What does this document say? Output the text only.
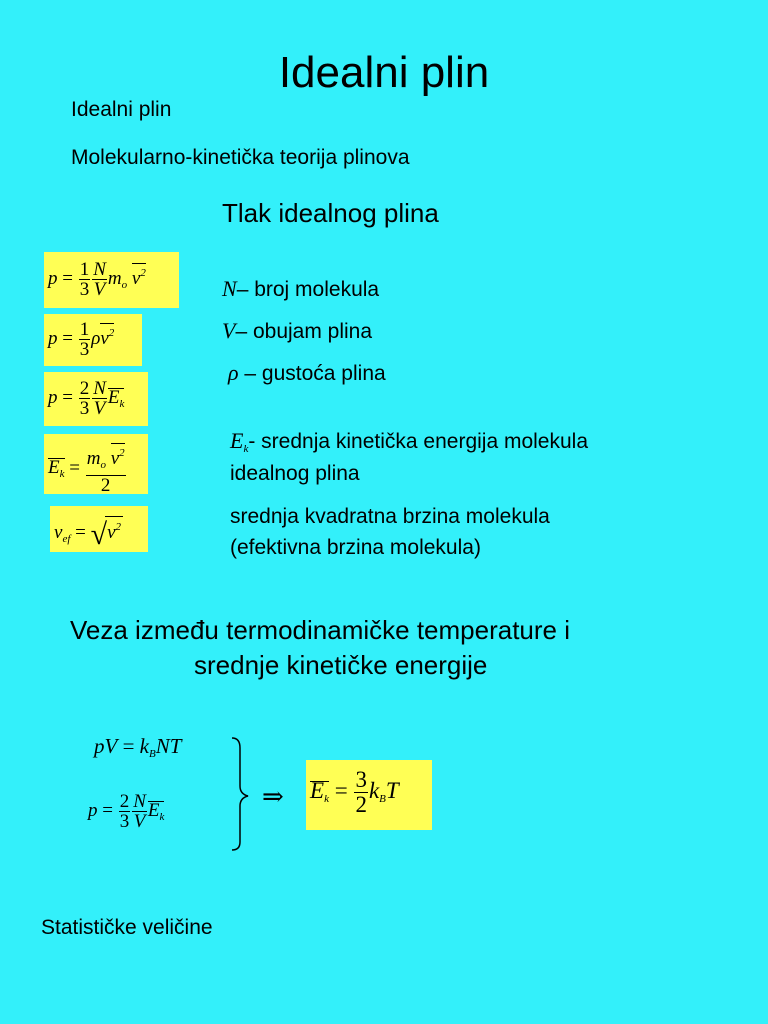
Idealni plin
Idealni plin
Molekularno-kinetička teorija plinova
Tlak idealnog plina
$p = \frac{1}{3} \frac{N}{V} m_o$ $v^2$
$p = \frac{1}{3} \rho v^2$
$p = \frac{2}{3} \frac{N}{V} E_k$
$E_k = \frac{m_o v^2}{2}$
$v_{ef} = √v^2$
N– broj molekula
V– obujam plina
ρ – gustoća plina
$E_k-$ srednja kinetička energija molekula
idealnog plina
srednja kvadratna brzina molekula
(efektivna brzina molekula)
Veza između termodinamičke temperature i
srednje kinetičke energije
pV = $k_BNT$
$p = \frac{2}{3} \frac{N}{V} E_k$
⇒ $E_k = \frac{3}{2} k_BT$
Statističke veličine
